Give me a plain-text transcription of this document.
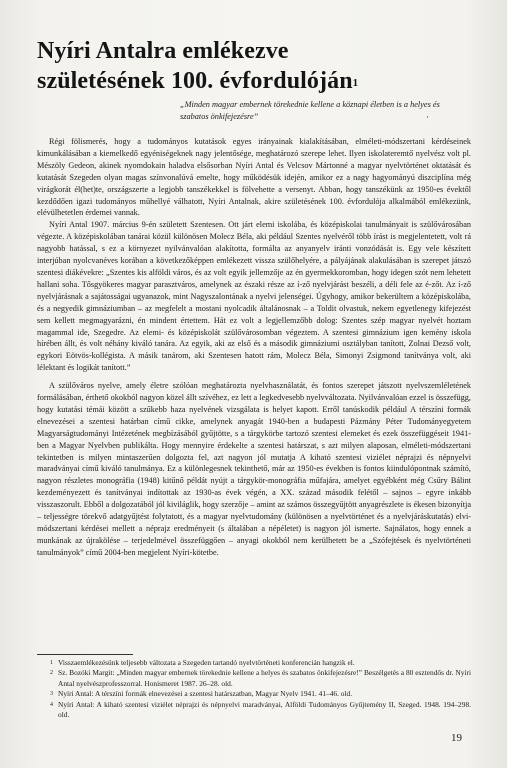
Nyíri Antalra emlékezve
születésének 100. évfordulóján$^1$
„Minden magyar embernek törekednie kellene a köznapi életben is a helyes és szabatos önkifejezésre”	·

Régi fölismerés, hogy a tudományos kutatások egyes irányainak kialakításában, elméleti-módszertani kérdéseinek kimunkálásában a kiemelkedő egyéniségeknek nagy jelentősége, meghatározó szerepe lehet. Ilyen iskolateremtő nyelvész volt pl. Mészöly Gedeon, akinek nyomdokain haladva elsősorban Nyíri Antal és Velcsov Mártonné a magyar nyelvtörténet oktatását és kutatását Szegeden olyan magas színvonalúvá emelte, hogy működésük idején, amikor ez a nagy hagyományú diszciplína még virágkorát él(het)te, országszerte a legjobb tanszékekkel is fölvehette a versenyt. Abban, hogy tanszékünk az 1950-es évektől kezdődően igazi tudományos műhellyé válhatott, Nyíri Antalnak, akire születésének 100. évfordulója alkalmából emlékezünk, elévülhetetlen érdemei vannak.

Nyíri Antal 1907. március 9-én született Szentesen. Ott járt elemi iskolába, és középiskolai tanulmányait is szülővárosában végezte. A középiskolában tanárai közül különösen Molecz Béla, aki például Szentes nyelvéről több írást is megjelentetett, volt rá nagyobb hatással, s ez a környezet nyilvánvalóan alakította, formálta az anyanyelv iránti vonzódását is. Egy vele készített interjúban nyolcvanéves korában a következőképpen emlékezett vissza szülőhelyére, a pályájának alakulásában is szerepet játszó szentesi diákévekre: „Szentes kis alföldi város, és az volt egyik jellemzője az én gyermekkoromban, hogy idegen szót nem lehetett hallani soha. Tősgyökeres magyar parasztváros, amelynek az északi része az í-ző nyelvjárást beszéli, a déli fele az é-zőt. Az í-ző nyelvjárásnak a sajátosságai ugyanazok, mint Nagyszalontának a nyelvi jelenségei. Úgyhogy, amikor bekerültem a középiskolába, és a negyedik gimnáziumban – az megfelelt a mostani nyolcadik általánosnak – a Toldit olvastuk, nekem egyetlenegy kifejezést sem kellett megmagyarázni, én mindent értettem. Hát ez volt a legjellemzőbb dolog: Szentes szép magyar nyelvét hoztam magammal ide, Szegedre. Az elemi- és középiskolát szülővárosomban végeztem. A szentesi gimnázium igen kemény iskola hírében állt, és volt néhány kiváló tanára. Az egyik, aki az első és a második gimnáziumi osztályban tanított, Zolnai Dezső volt, egykori Eötvös-kollégista. A másik tanárom, aki Szentesen hatott rám, Molecz Béla, Simonyi Zsigmond tanítványa volt, aki lélektant és logikát tanított.”

A szülőváros nyelve, amely életre szólóan meghatározta nyelvhasználatát, és fontos szerepet játszott nyelvszemléletének formálásában, érthető okokból nagyon közel állt szívéhez, ez lett a legkedvesebb nyelvváltozata. Nyilvánvalóan ezzel is összefügg, hogy kutatási témái között a szűkebb haza nyelvének vizsgálata is helyet kapott. Erről tanúskodik például A térszíni formák elnevezései a szentesi határban című cikke, amelynek anyagát 1940-ben a budapesti Pázmány Péter Tudományegyetem Magyarságtudományi Intézetének megbízásából gyűjtötte, s a tárgykörbe tartozó szentesi elemeket és ezek összefüggéseit 1941-ben a Magyar Nyelvben publikálta. Hogy mennyire érdekelte a szentesi határszat, s azt milyen alaposan, elméleti-módszertani tekintetben is milyen mintaszerűen dolgozta fel, azt nagyon jól mutatja A kiható szentesi viziélet néprajzi és népnyelvi maradványai című kiváló tanulmánya. Ez a különlegesnek tekinthető, már az 1950-es években is fontos kiindulópontnak számító, nagyon részletes monográfia (1948) kitűnő példát nyújt a tárgykör-monográfia műfajára, amelyet egyébként még Csűry Bálint kezdeményezett és tanítványai indítottak az 1930-as évek végén, a XX. század második felétől – sajnos – egyre inkább visszaszorult. Ebből a dolgozatából jól kiviláglik, hogy szerzője – amint az számos összegyűjtött anyagrészlete is ékesen bizonyítja – teljességre törekvő adatgyűjtést folytatott, és a magyar nyelvtudomány (különösen a nyelvtörténet és a nyelvjáráskutatás) elvi-módszertani kérdései mellett a néprajz eredményeit (s általában a népéletet) is nagyon jól ismerte. Sajnálatos, hogy ennek a munkának az újrakölése – terjedelmével összefüggően – anyagi okokból nem kerülhetett be a „Szófejtések és nyelvtörténeti tanulmányok” című 2004-ben megjelent Nyíri-kötetbe.

1 Visszaemlékezésünk teljesebb változata a Szegeden tartandó nyelvtörténeti konferencián hangzik el.
2 Sz. Bozóki Margit: „Minden magyar embernek törekednie kellene a helyes és szabatos önkifejezésre!” Beszélgetés a 80 esztendős dr. Nyíri Antal nyelvészprofesszorral. Honismeret 1987. 26–28. old.
3 Nyíri Antal: A térszíni formák elnevezései a szentesi határszatban, Magyar Nyelv 1941. 41–46. old.
4 Nyíri Antal: A kiható szentesi viziélet néprajzi és népnyelvi maradványai, Alföldi Tudományos Gyűjtemény II, Szeged. 1948. 194–298. old.
19
